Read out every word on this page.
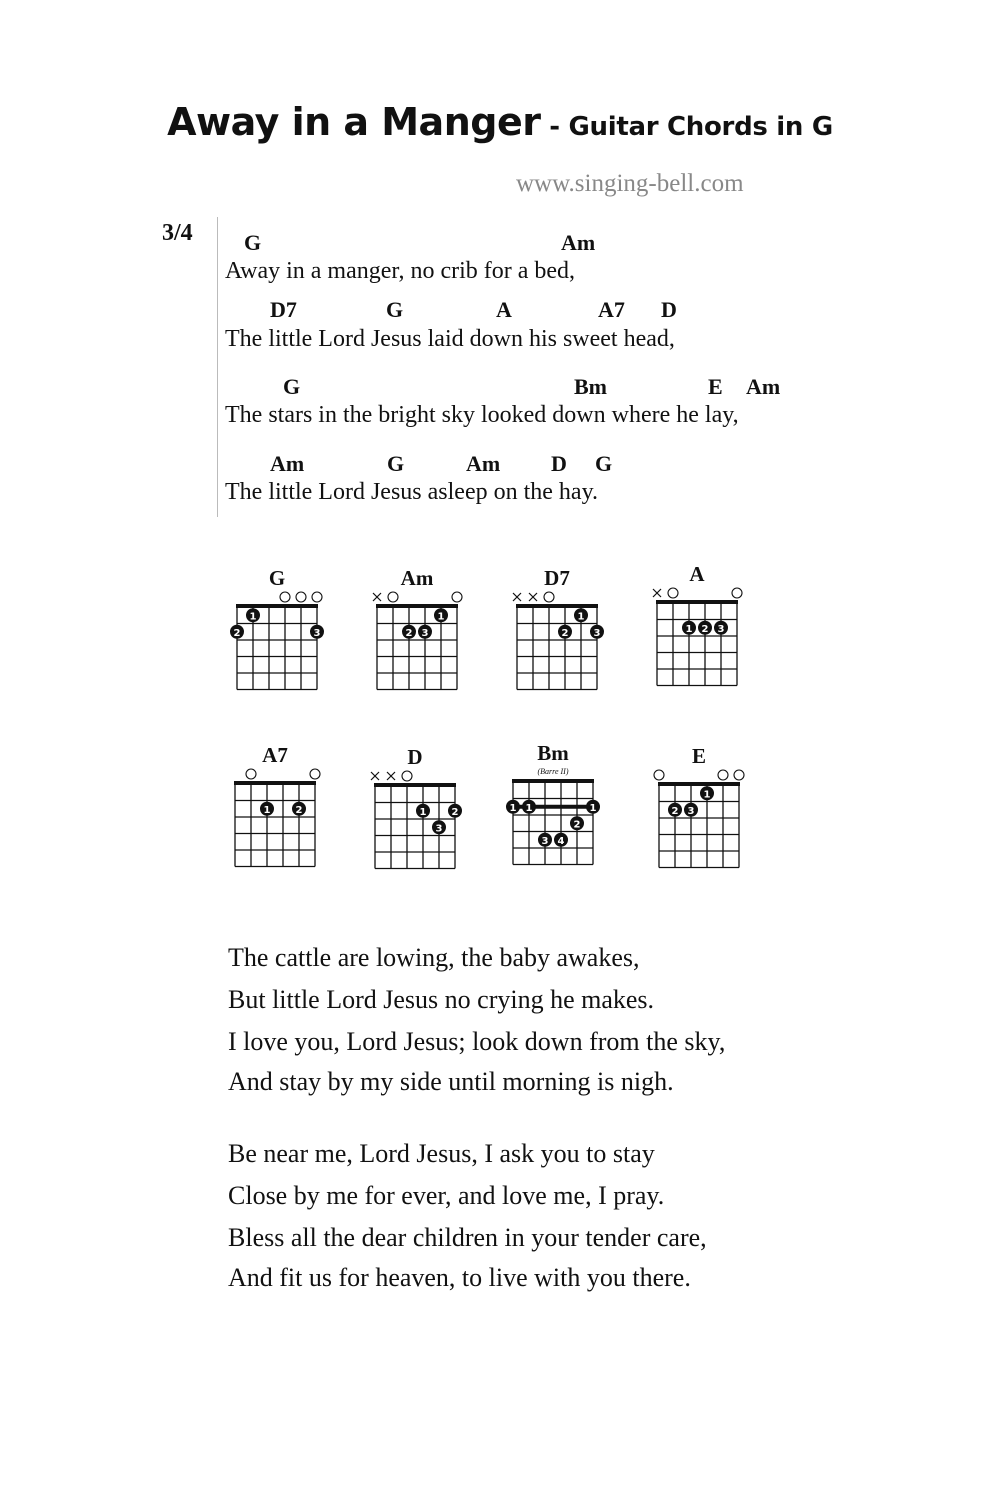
Away in a Manger - Guitar Chords in G
www.singing-bell.com
3/4 G	Am
Away in a manger, no crib for a bed,
D7	G	A	A7 D
The little Lord Jesus laid down his sweet head,
G	Bm	E Am
The stars in the bright sky looked down where he lay,
Am	G	Am D G
The little Lord Jesus asleep on the hay.
G
1
2	3
Am
1
2 3
D7
1
2	3
A
1 2 3
A7
1	2
D
1	2
3
Bm
(Barre II)
1 1	1
2
3 4
E
1
2 3
The cattle are lowing, the baby awakes,
But little Lord Jesus no crying he makes.
I love you, Lord Jesus; look down from the sky,
And stay by my side until morning is nigh.
Be near me, Lord Jesus, I ask you to stay
Close by me for ever, and love me, I pray.
Bless all the dear children in your tender care,
And fit us for heaven, to live with you there.
